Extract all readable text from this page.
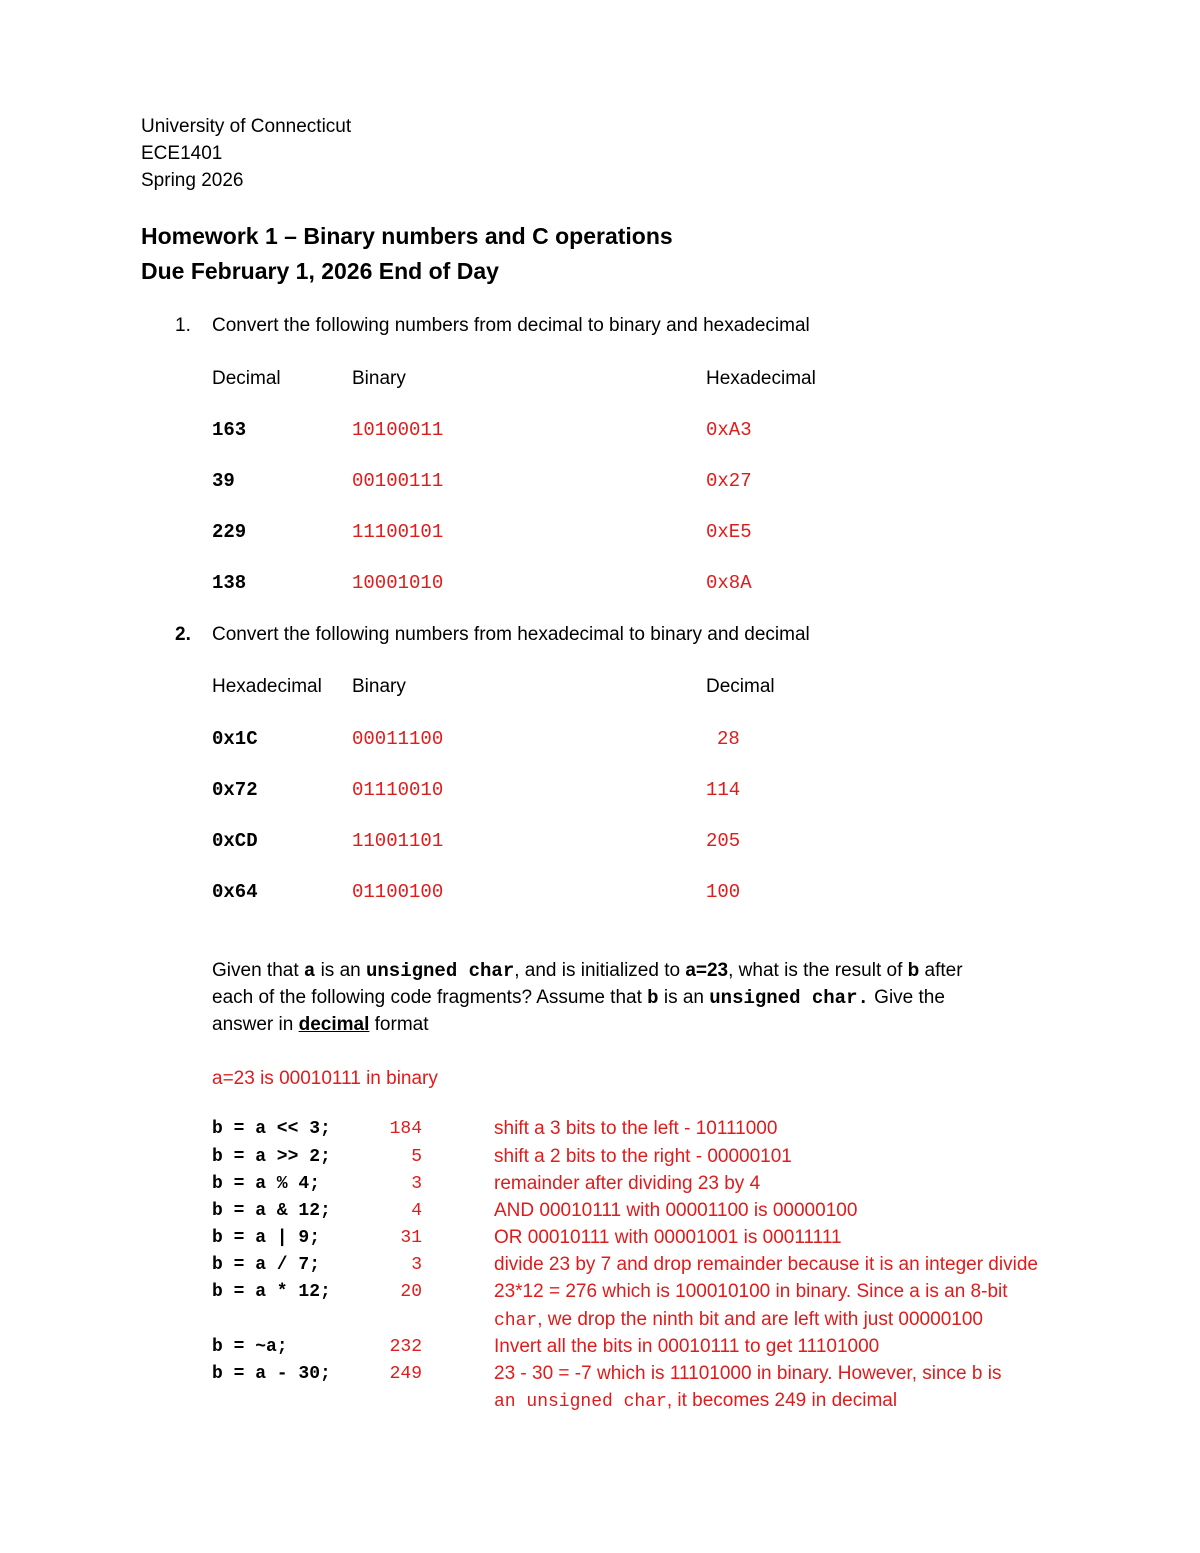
University of Connecticut
ECE1401
Spring 2026
Homework 1 – Binary numbers and C operations
Due February 1, 2026 End of Day
1. Convert the following numbers from decimal to binary and hexadecimal
Decimal	Binary	Hexadecimal
163	10100011	0xA3
39	00100111	0x27
229	11100101	0xE5
138	10001010	0x8A
2. Convert the following numbers from hexadecimal to binary and decimal
Hexadecimal Binary	Decimal
0x1C	00011100	28
0x72	01110010	114
0xCD	11001101	205
0x64	01100100	100
Given that a is an unsigned char, and is initialized to a=23, what is the result of b after
each of the following code fragments? Assume that b is an unsigned char. Give the
answer in decimal format
a=23 is 00010111 in binary
b = a << 3;	184	shift a 3 bits to the left - 10111000
b = a >> 2;	5	shift a 2 bits to the right - 00000101
b = a % 4;	3	remainder after dividing 23 by 4
b = a & 12;	4	AND 00010111 with 00001100 is 00000100
b = a | 9;	31	OR 00010111 with 00001001 is 00011111
b = a / 7;	3	divide 23 by 7 and drop remainder because it is an integer divide
b = a * 12;	20	23*12 = 276 which is 100010100 in binary. Since a is an 8-bit
char, we drop the ninth bit and are left with just 00000100
b = ~a;	232	Invert all the bits in 00010111 to get 11101000
b = a - 30;	249	23 - 30 = -7 which is 11101000 in binary. However, since b is
an unsigned char, it becomes 249 in decimal
